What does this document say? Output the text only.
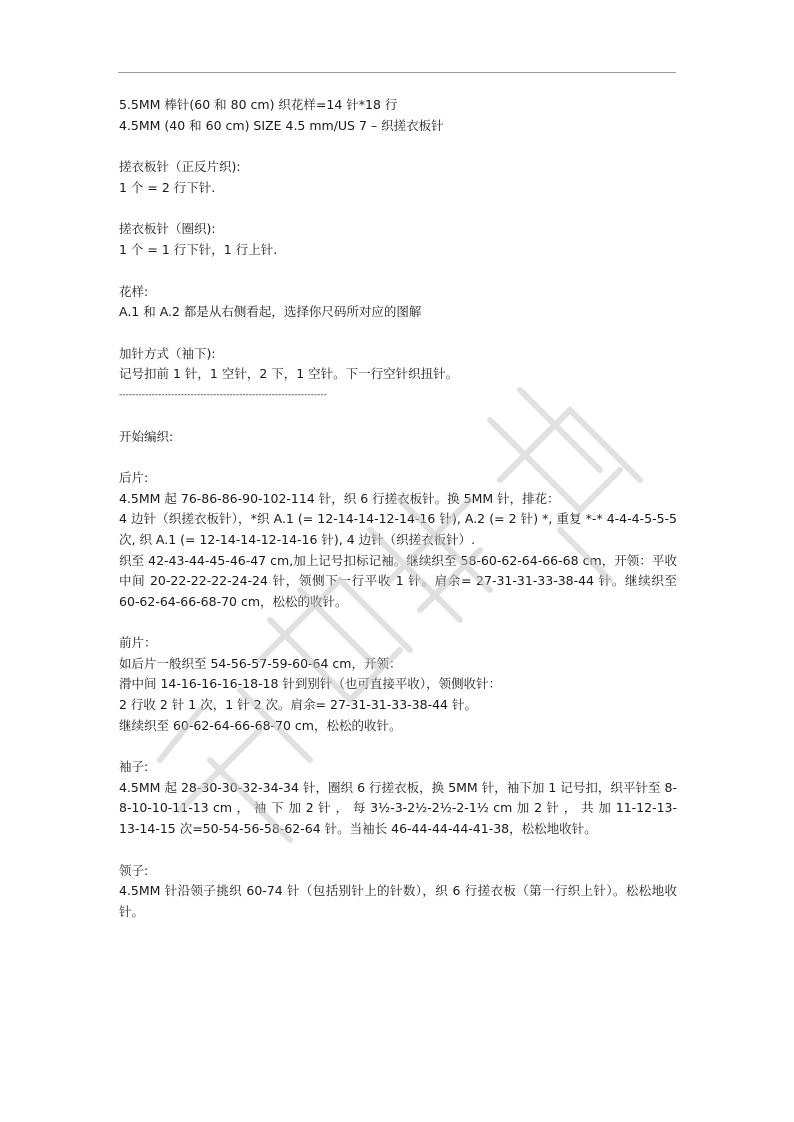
5.5MM 棒针(60 和 80 cm) 织花样=14 针*18 行
4.5MM (40 和 60 cm) SIZE 4.5 mm/US 7 – 织搓衣板针
搓衣板针（正反片织):
1 个 = 2 行下针.
搓衣板针（圈织):
1 个 = 1 行下针，1 行上针.
花样:
A.1 和 A.2 都是从右侧看起，选择你尺码所对应的图解
加针方式（袖下):
记号扣前 1 针，1 空针，2 下，1 空针。下一行空针织扭针。
----------------------------------------------------------------
开始编织:
后片:
4.5MM 起 76-86-86-90-102-114 针，织 6 行搓衣板针。换 5MM 针，排花：
4 边针（织搓衣板针），*织 A.1 (= 12-14-14-12-14-16 针), A.2 (= 2 针) *, 重复 *-* 4-4-4-5-5-5 次, 织 A.1 (= 12-14-14-12-14-16 针), 4 边针（织搓衣板针）.
织至 42-43-44-45-46-47 cm,加上记号扣标记袖。继续织至 58-60-62-64-66-68 cm，开领：平收中间 20-22-22-22-24-24 针，领侧下一行平收 1 针。肩余= 27-31-31-33-38-44 针。继续织至 60-62-64-66-68-70 cm，松松的收针。
前片：
如后片一般织至 54-56-57-59-60-64 cm，开领：
滑中间 14-16-16-16-18-18 针到别针（也可直接平收），领侧收针：
2 行收 2 针 1 次，1 针 2 次。肩余= 27-31-31-33-38-44 针。
继续织至 60-62-64-66-68-70 cm，松松的收针。
袖子:
4.5MM 起 28-30-30-32-34-34 针，圈织 6 行搓衣板，换 5MM 针，袖下加 1 记号扣，织平针至 8-8-10-10-11-13 cm ， 袖 下 加 2 针 ， 每 3½-3-2½-2½-2-1½ cm 加 2 针 ， 共 加 11-12-13-13-14-15 次=50-54-56-58-62-64 针。当袖长 46-44-44-44-41-38，松松地收针。
领子:
4.5MM 针沿领子挑织 60-74 针（包括别针上的针数），织 6 行搓衣板（第一行织上针）。松松地收针。
